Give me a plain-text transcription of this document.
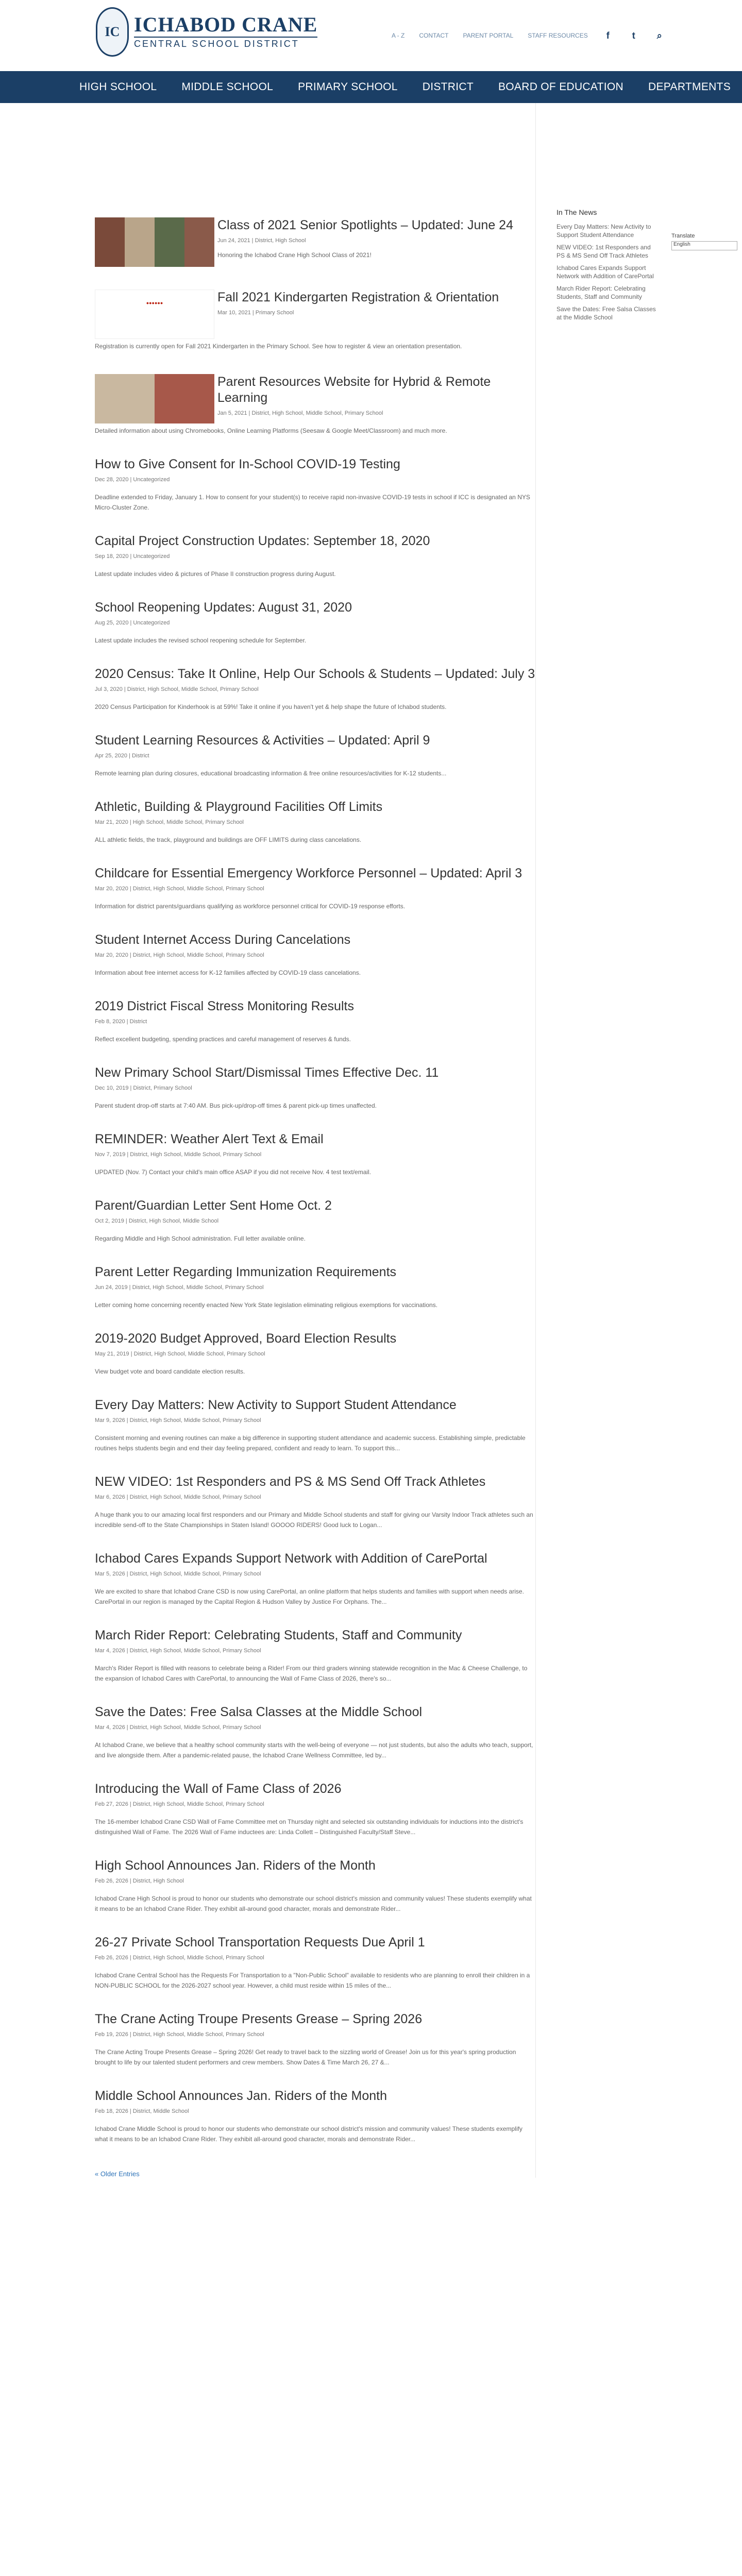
IC ICHABOD CRANE
CENTRAL SCHOOL DISTRICT
A - Z CONTACT PARENT PORTAL STAFF RESOURCES	f	t	⌕
HIGH SCHOOL MIDDLE SCHOOL PRIMARY SCHOOL DISTRICT BOARD OF EDUCATION DEPARTMENTS
Class of 2021 Senior Spotlights – Updated: June 24
Jun 24, 2021 | District, High School
Honoring the Ichabod Crane High School Class of 2021!
●●●●●●	Fall 2021 Kindergarten Registration & Orientation
Mar 10, 2021 | Primary School
Registration is currently open for Fall 2021 Kindergarten in the Primary School. See how to register & view an orientation presentation.
Parent Resources Website for Hybrid & Remote Learning
Jan 5, 2021 | District, High School, Middle School, Primary School
Detailed information about using Chromebooks, Online Learning Platforms (Seesaw & Google Meet/Classroom) and much more.
How to Give Consent for In-School COVID-19 Testing
Dec 28, 2020 | Uncategorized
Deadline extended to Friday, January 1. How to consent for your student(s) to receive rapid non-invasive COVID-19 tests in school if ICC is designated an NYS Micro-Cluster Zone.
Capital Project Construction Updates: September 18, 2020
Sep 18, 2020 | Uncategorized
Latest update includes video & pictures of Phase II construction progress during August.
School Reopening Updates: August 31, 2020
Aug 25, 2020 | Uncategorized
Latest update includes the revised school reopening schedule for September.
2020 Census: Take It Online, Help Our Schools & Students – Updated: July 3
Jul 3, 2020 | District, High School, Middle School, Primary School
2020 Census Participation for Kinderhook is at 59%! Take it online if you haven't yet & help shape the future of Ichabod students.
Student Learning Resources & Activities – Updated: April 9
Apr 25, 2020 | District
Remote learning plan during closures, educational broadcasting information & free online resources/activities for K-12 students...
Athletic, Building & Playground Facilities Off Limits
Mar 21, 2020 | High School, Middle School, Primary School
ALL athletic fields, the track, playground and buildings are OFF LIMITS during class cancelations.
Childcare for Essential Emergency Workforce Personnel – Updated: April 3
Mar 20, 2020 | District, High School, Middle School, Primary School
Information for district parents/guardians qualifying as workforce personnel critical for COVID-19 response efforts.
Student Internet Access During Cancelations
Mar 20, 2020 | District, High School, Middle School, Primary School
Information about free internet access for K-12 families affected by COVID-19 class cancelations.
2019 District Fiscal Stress Monitoring Results
Feb 8, 2020 | District
Reflect excellent budgeting, spending practices and careful management of reserves & funds.
New Primary School Start/Dismissal Times Effective Dec. 11
Dec 10, 2019 | District, Primary School
Parent student drop-off starts at 7:40 AM. Bus pick-up/drop-off times & parent pick-up times unaffected.
REMINDER: Weather Alert Text & Email
Nov 7, 2019 | District, High School, Middle School, Primary School
UPDATED (Nov. 7) Contact your child's main office ASAP if you did not receive Nov. 4 test text/email.
Parent/Guardian Letter Sent Home Oct. 2
Oct 2, 2019 | District, High School, Middle School
Regarding Middle and High School administration. Full letter available online.
Parent Letter Regarding Immunization Requirements
Jun 24, 2019 | District, High School, Middle School, Primary School
Letter coming home concerning recently enacted New York State legislation eliminating religious exemptions for vaccinations.
2019-2020 Budget Approved, Board Election Results
May 21, 2019 | District, High School, Middle School, Primary School
View budget vote and board candidate election results.
Every Day Matters: New Activity to Support Student Attendance
Mar 9, 2026 | District, High School, Middle School, Primary School
Consistent morning and evening routines can make a big difference in supporting student attendance and academic success. Establishing simple, predictable routines helps students begin and end their day feeling prepared, confident and ready to learn. To support this...
NEW VIDEO: 1st Responders and PS & MS Send Off Track Athletes
Mar 6, 2026 | District, High School, Middle School, Primary School
A huge thank you to our amazing local first responders and our Primary and Middle School students and staff for giving our Varsity Indoor Track athletes such an incredible send-off to the State Championships in Staten Island! GOOOO RIDERS! Good luck to Logan...
Ichabod Cares Expands Support Network with Addition of CarePortal
Mar 5, 2026 | District, High School, Middle School, Primary School
We are excited to share that Ichabod Crane CSD is now using CarePortal, an online platform that helps students and families with support when needs arise. CarePortal in our region is managed by the Capital Region & Hudson Valley by Justice For Orphans. The...
March Rider Report: Celebrating Students, Staff and Community
Mar 4, 2026 | District, High School, Middle School, Primary School
March's Rider Report is filled with reasons to celebrate being a Rider! From our third graders winning statewide recognition in the Mac & Cheese Challenge, to the expansion of Ichabod Cares with CarePortal, to announcing the Wall of Fame Class of 2026, there's so...
Save the Dates: Free Salsa Classes at the Middle School
Mar 4, 2026 | District, High School, Middle School, Primary School
At Ichabod Crane, we believe that a healthy school community starts with the well-being of everyone — not just students, but also the adults who teach, support, and live alongside them. After a pandemic-related pause, the Ichabod Crane Wellness Committee, led by...
Introducing the Wall of Fame Class of 2026
Feb 27, 2026 | District, High School, Middle School, Primary School
The 16-member Ichabod Crane CSD Wall of Fame Committee met on Thursday night and selected six outstanding individuals for inductions into the district's distinguished Wall of Fame. The 2026 Wall of Fame inductees are: Linda Collett – Distinguished Faculty/Staff Steve...
High School Announces Jan. Riders of the Month
Feb 26, 2026 | District, High School
Ichabod Crane High School is proud to honor our students who demonstrate our school district's mission and community values! These students exemplify what it means to be an Ichabod Crane Rider. They exhibit all-around good character, morals and demonstrate Rider...
26-27 Private School Transportation Requests Due April 1
Feb 26, 2026 | District, High School, Middle School, Primary School
Ichabod Crane Central School has the Requests For Transportation to a "Non-Public School" available to residents who are planning to enroll their children in a NON-PUBLIC SCHOOL for the 2026-2027 school year. However, a child must reside within 15 miles of the...
The Crane Acting Troupe Presents Grease – Spring 2026
Feb 19, 2026 | District, High School, Middle School, Primary School
The Crane Acting Troupe Presents Grease – Spring 2026! Get ready to travel back to the sizzling world of Grease! Join us for this year's spring production brought to life by our talented student performers and crew members. Show Dates & Time March 26, 27 &...
Middle School Announces Jan. Riders of the Month
Feb 18, 2026 | District, Middle School
Ichabod Crane Middle School is proud to honor our students who demonstrate our school district's mission and community values! These students exemplify what it means to be an Ichabod Crane Rider. They exhibit all-around good character, morals and demonstrate Rider...
« Older Entries
In The News
Every Day Matters: New Activity to Support Student Attendance
NEW VIDEO: 1st Responders and PS & MS Send Off Track Athletes
Ichabod Cares Expands Support Network with Addition of CarePortal
March Rider Report: Celebrating Students, Staff and Community
Save the Dates: Free Salsa Classes at the Middle School
Translate
English
